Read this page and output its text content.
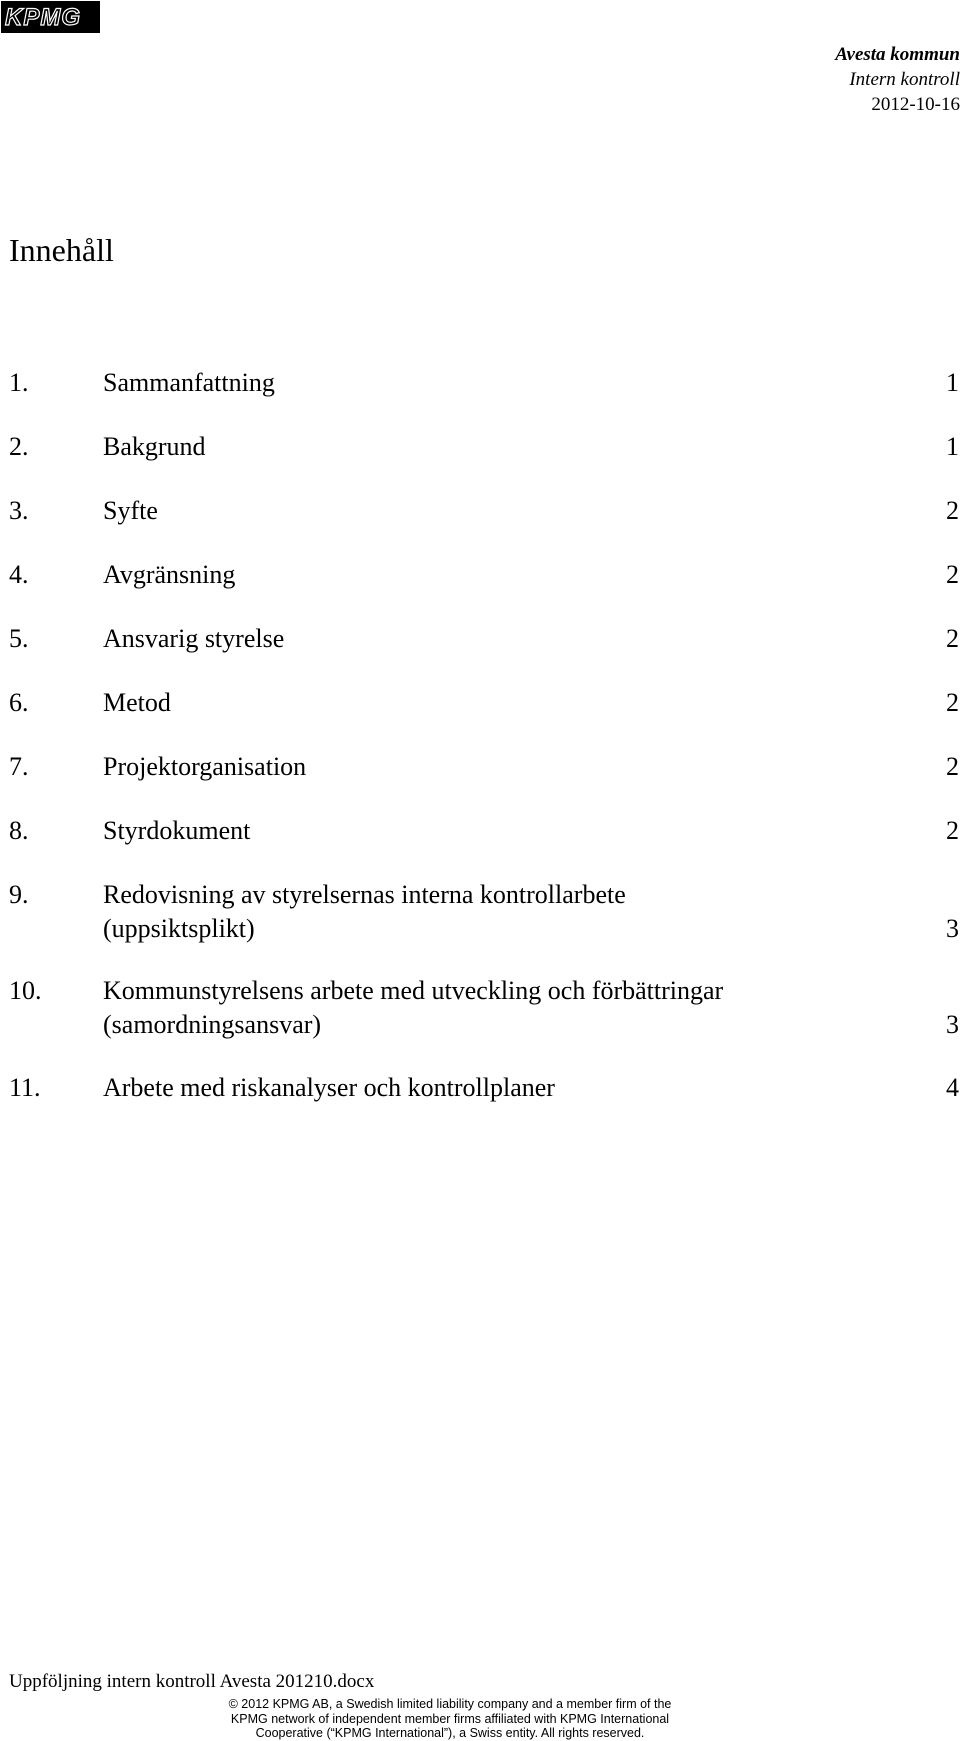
KPMG
Avesta kommun
Intern kontroll
2012-10-16
Innehåll
1.	Sammanfattning	1
2.	Bakgrund	1
3.	Syfte	2
4.	Avgränsning	2
5.	Ansvarig styrelse	2
6.	Metod	2
7.	Projektorganisation	2
8.	Styrdokument	2
9.	Redovisning av styrelsernas interna kontrollarbete
(uppsiktsplikt)	3
10. Kommunstyrelsens arbete med utveckling och förbättringar
(samordningsansvar)	3
11. Arbete med riskanalyser och kontrollplaner	4
Uppföljning intern kontroll Avesta 201210.docx
© 2012 KPMG AB, a Swedish limited liability company and a member firm of the
KPMG network of independent member firms affiliated with KPMG International
Cooperative (“KPMG International”), a Swiss entity. All rights reserved.
